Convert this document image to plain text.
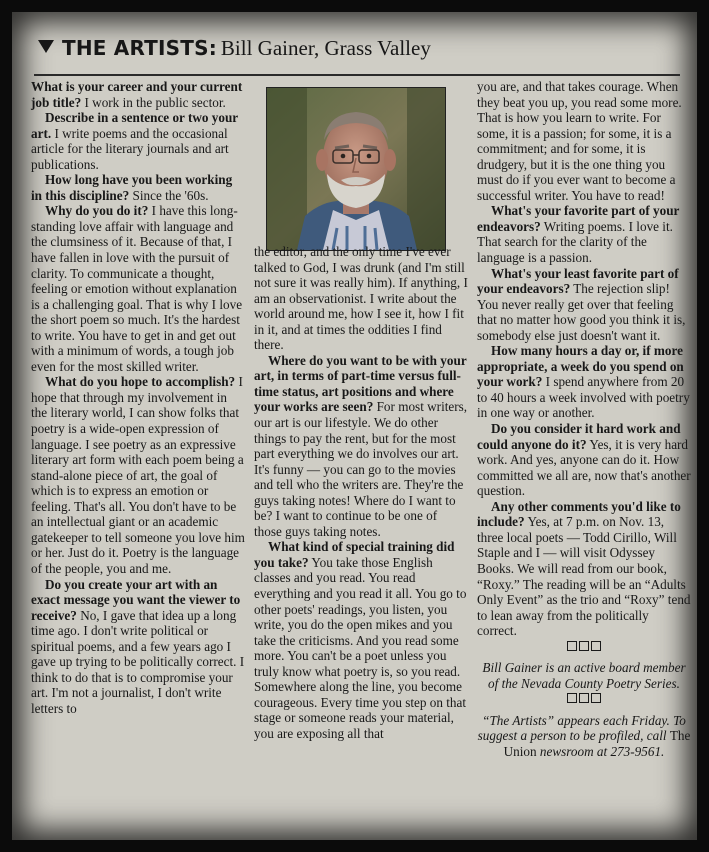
THE ARTISTS: Bill Gainer, Grass Valley

What is your career and your current job title? I work in the public sector.

Describe in a sentence or two your art. I write poems and the occasional article for the literary journals and art publications.

How long have you been working in this discipline? Since the '60s.

Why do you do it? I have this long-standing love affair with language and the clumsiness of it. Because of that, I have fallen in love with the pursuit of clarity. To communicate a thought, feeling or emotion without explanation is a challenging goal. That is why I love the short poem so much. It's the hardest to write. You have to get in and get out with a minimum of words, a tough job even for the most skilled writer.

What do you hope to accomplish? I hope that through my involvement in the literary world, I can show folks that poetry is a wide-open expression of language. I see poetry as an expressive literary art form with each poem being a stand-alone piece of art, the goal of which is to express an emotion or feeling. That's all. You don't have to be an intellectual giant or an academic gatekeeper to tell someone you love him or her. Just do it. Poetry is the language of the people, you and me.

Do you create your art with an exact message you want the viewer to receive? No, I gave that idea up a long time ago. I don't write political or spiritual poems, and a few years ago I gave up trying to be politically correct. I think to do that is to compromise your art. I'm not a journalist, I don't write letters to

the editor, and the only time I've ever talked to God, I was drunk (and I'm still not sure it was really him). If anything, I am an observationist. I write about the world around me, how I see it, how I fit in it, and at times the oddities I find there.

Where do you want to be with your art, in terms of part-time versus full-time status, art positions and where your works are seen? For most writers, our art is our lifestyle. We do other things to pay the rent, but for the most part everything we do involves our art. It's funny — you can go to the movies and tell who the writers are. They're the guys taking notes! Where do I want to be? I want to continue to be one of those guys taking notes.

What kind of special training did you take? You take those English classes and you read. You read everything and you read it all. You go to other poets' readings, you listen, you write, you do the open mikes and you take the criticisms. And you read some more. You can't be a poet unless you truly know what poetry is, so you read. Somewhere along the line, you become courageous. Every time you step on that stage or someone reads your material, you are exposing all that

you are, and that takes courage. When they beat you up, you read some more. That is how you learn to write. For some, it is a passion; for some, it is a commitment; and for some, it is drudgery, but it is the one thing you must do if you ever want to become a successful writer. You have to read!

What's your favorite part of your endeavors? Writing poems. I love it. That search for the clarity of the language is a passion.

What's your least favorite part of your endeavors? The rejection slip! You never really get over that feeling that no matter how good you think it is, somebody else just doesn't want it.

How many hours a day or, if more appropriate, a week do you spend on your work? I spend anywhere from 20 to 40 hours a week involved with poetry in one way or another.

Do you consider it hard work and could anyone do it? Yes, it is very hard work. And yes, anyone can do it. How committed we all are, now that's another question.

Any other comments you'd like to include? Yes, at 7 p.m. on Nov. 13, three local poets — Todd Cirillo, Will Staple and I — will visit Odyssey Books. We will read from our book, “Roxy.” The reading will be an “Adults Only Event” as the trio and “Roxy” tend to lean away from the politically correct.

Bill Gainer is an active board member of the Nevada County Poetry Series.

“The Artists” appears each Friday. To suggest a person to be profiled, call The Union newsroom at 273-9561.
